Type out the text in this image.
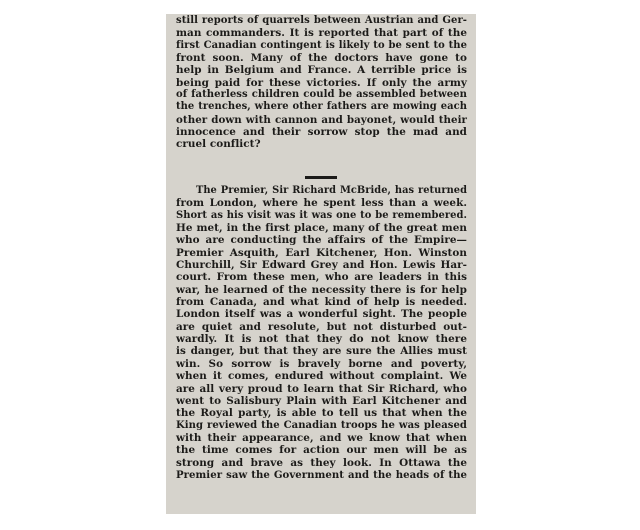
still reports of quarrels between Austrian and Ger-
man commanders. It is reported that part of the
first Canadian contingent is likely to be sent to the
front soon. Many of the doctors have gone to
help in Belgium and France. A terrible price is
being paid for these victories. If only the army
of fatherless children could be assembled between
the trenches, where other fathers are mowing each
other down with cannon and bayonet, would their
innocence and their sorrow stop the mad and
cruel conflict?

The Premier, Sir Richard McBride, has returned
from London, where he spent less than a week.
Short as his visit was it was one to be remembered.
He met, in the first place, many of the great men
who are conducting the affairs of the Empire—
Premier Asquith, Earl Kitchener, Hon. Winston
Churchill, Sir Edward Grey and Hon. Lewis Har-
court. From these men, who are leaders in this
war, he learned of the necessity there is for help
from Canada, and what kind of help is needed.
London itself was a wonderful sight. The people
are quiet and resolute, but not disturbed out-
wardly. It is not that they do not know there
is danger, but that they are sure the Allies must
win. So sorrow is bravely borne and poverty,
when it comes, endured without complaint. We
are all very proud to learn that Sir Richard, who
went to Salisbury Plain with Earl Kitchener and
the Royal party, is able to tell us that when the
King reviewed the Canadian troops he was pleased
with their appearance, and we know that when
the time comes for action our men will be as
strong and brave as they look. In Ottawa the
Premier saw the Government and the heads of the
